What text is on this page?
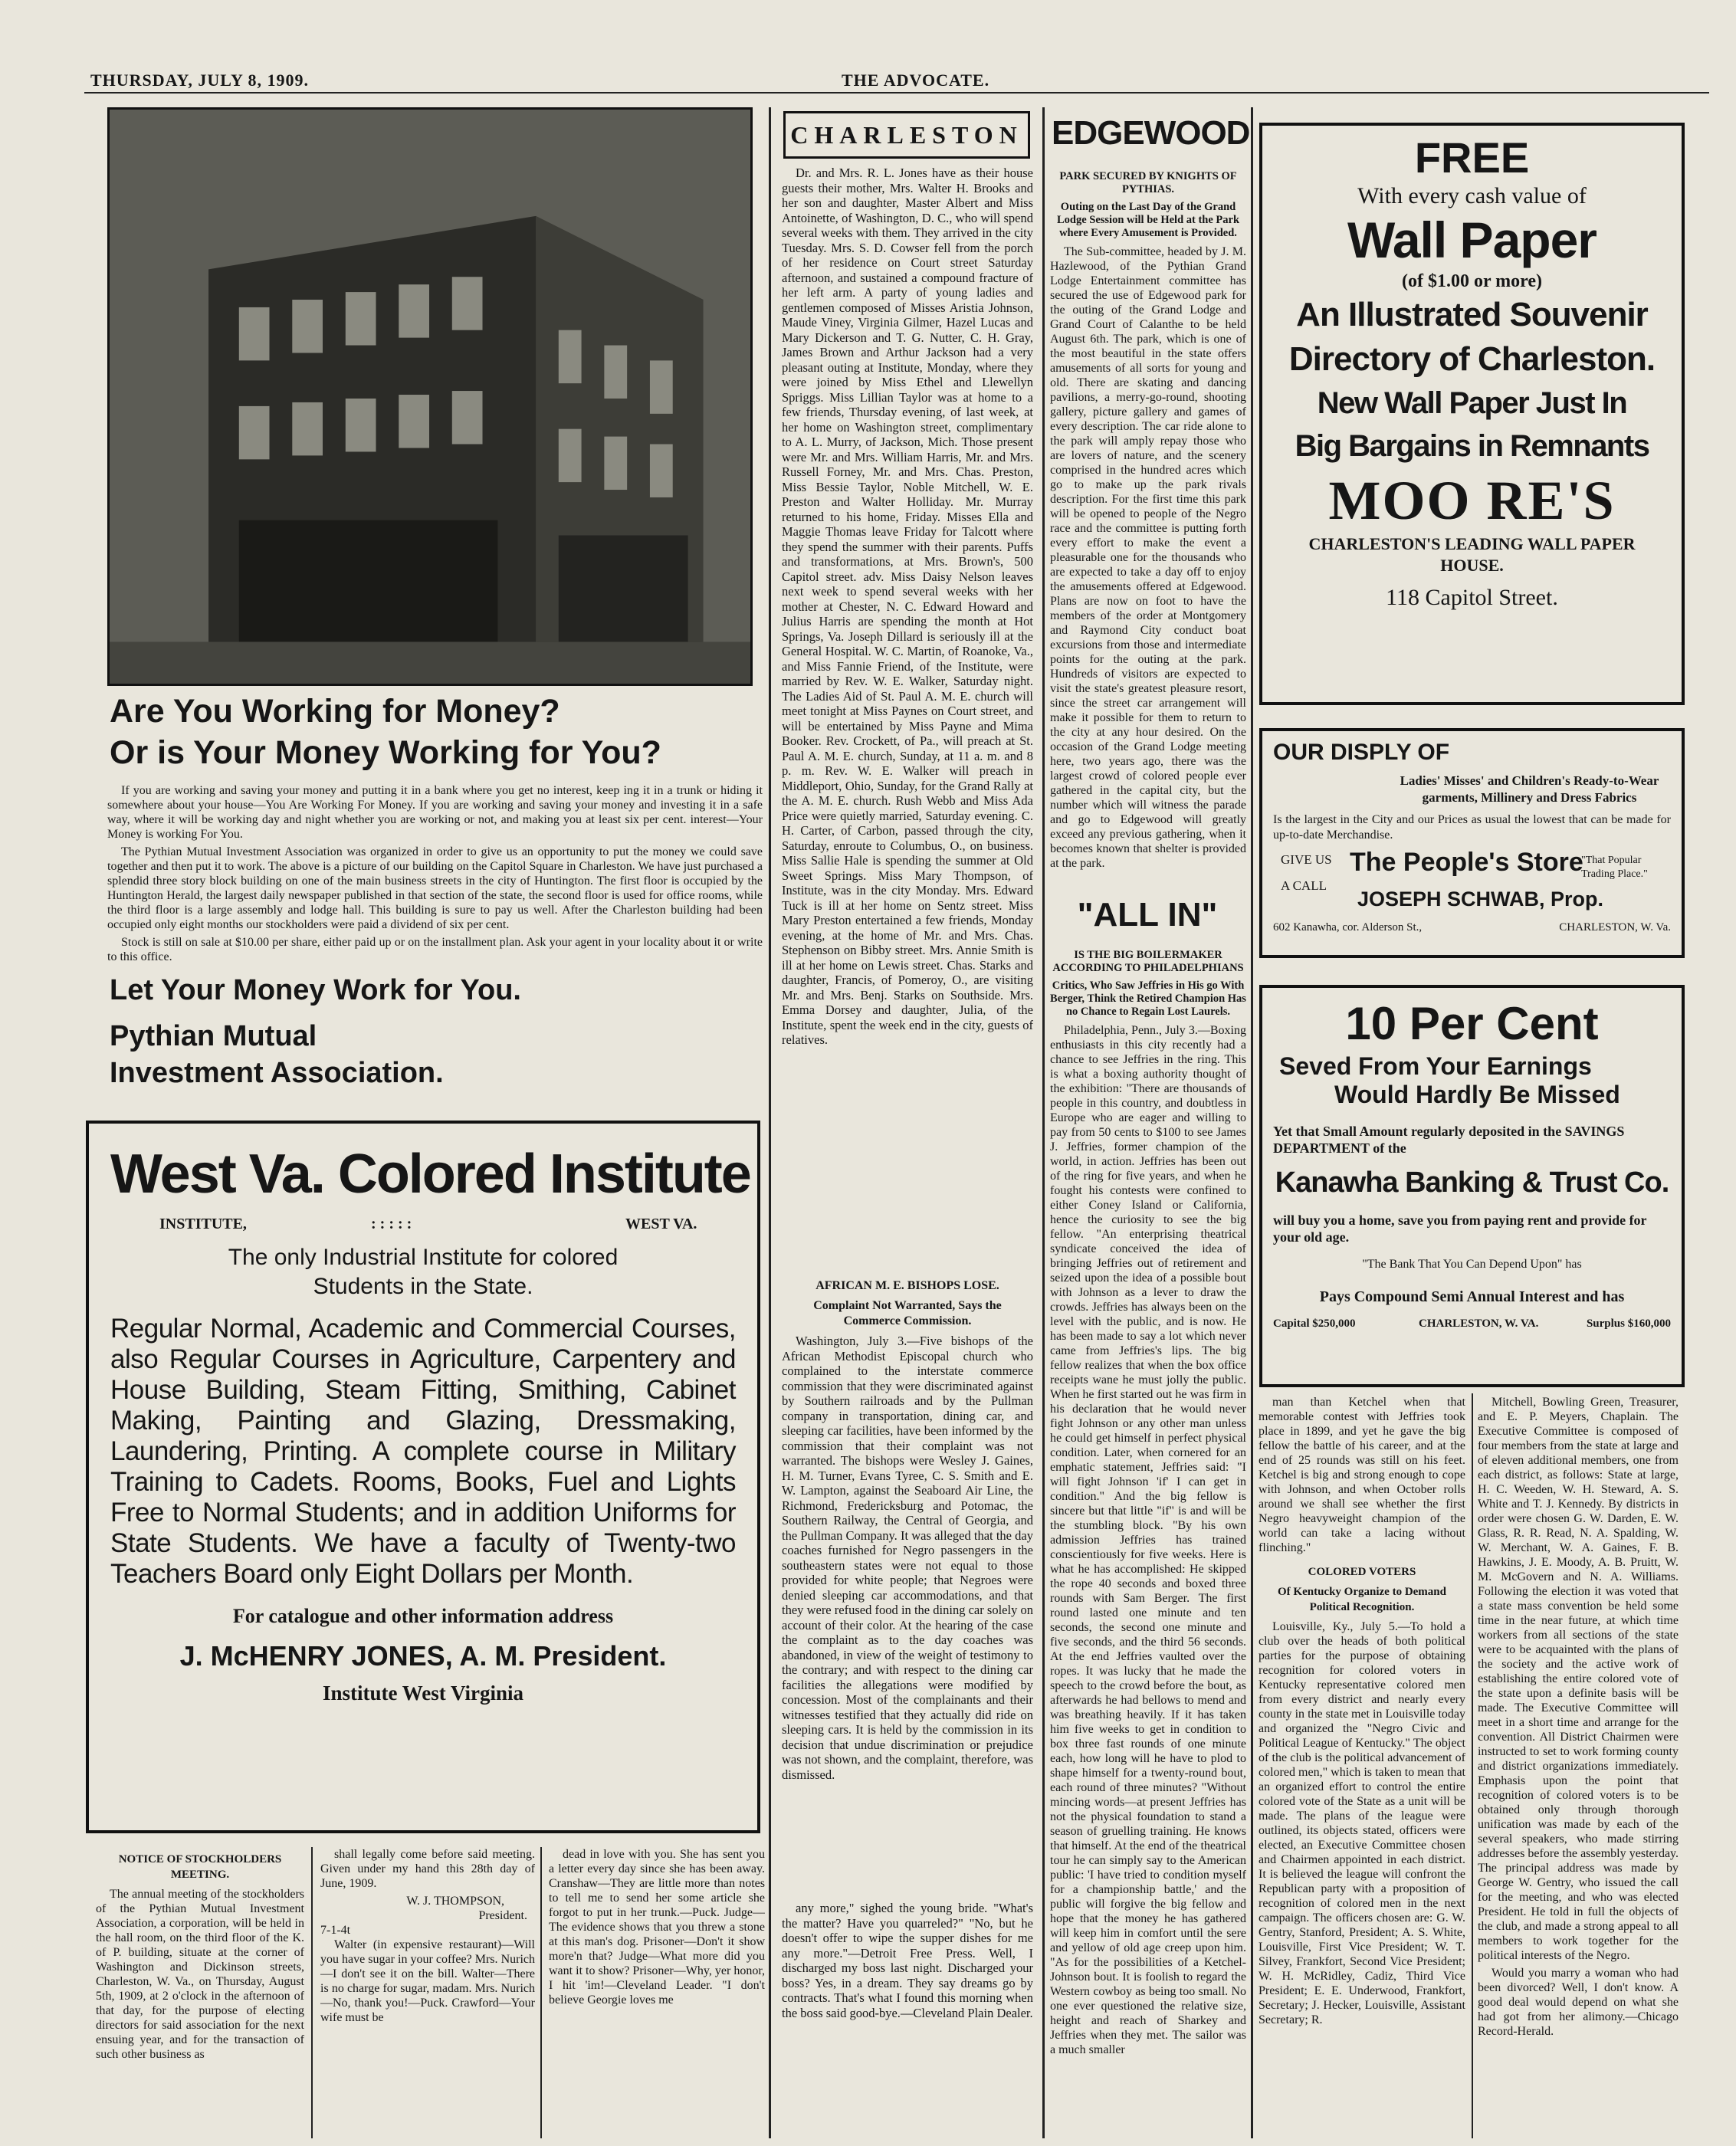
THURSDAY, JULY 8, 1909.	THE ADVOCATE.
Are You Working for Money?
Or is Your Money Working for You?

If you are working and saving your money and putting it in a bank where you get no interest, keep ing it in a trunk or hiding it somewhere about your house—You Are Working For Money. If you are working and saving your money and investing it in a safe way, where it will be working day and night whether you are working or not, and making you at least six per cent. interest—Your Money is working For You.

The Pythian Mutual Investment Association was organized in order to give us an opportunity to put the money we could save together and then put it to work. The above is a picture of our building on the Capitol Square in Charleston. We have just purchased a splendid three story block building on one of the main business streets in the city of Huntington. The first floor is occupied by the Huntington Herald, the largest daily newspaper published in that section of the state, the second floor is used for office rooms, while the third floor is a large assembly and lodge hall. This building is sure to pay us well. After the Charleston building had been occupied only eight months our stockholders were paid a dividend of six per cent.

Stock is still on sale at $10.00 per share, either paid up or on the installment plan. Ask your agent in your locality about it or write to this office.

Let Your Money Work for You.
Pythian Mutual
Investment Association.
West Va. Colored Institute
INSTITUTE,	: : : : :	WEST VA.
The only Industrial Institute for colored Students in the State.
Regular Normal, Academic and Commercial Courses, also Regular Courses in Agriculture, Carpentery and House Building, Steam Fitting, Smithing, Cabinet Making, Painting and Glazing, Dressmaking, Laundering, Printing. A complete course in Military Training to Cadets. Rooms, Books, Fuel and Lights Free to Normal Students; and in addition Uniforms for State Students. We have a faculty of Twenty-two Teachers Board only Eight Dollars per Month.
For catalogue and other information address
J. McHENRY JONES, A. M. President.
Institute West Virginia
NOTICE OF STOCKHOLDERS MEETING.

The annual meeting of the stockholders of the Pythian Mutual Investment Association, a corporation, will be held in the hall room, on the third floor of the K. of P. building, situate at the corner of Washington and Dickinson streets, Charleston, W. Va., on Thursday, August 5th, 1909, at 2 o'clock in the afternoon of that day, for the purpose of electing directors for said association for the next ensuing year, and for the transaction of such other business as

shall legally come before said meeting. Given under my hand this 28th day of June, 1909.

W. J. THOMPSON,
President.
7-1-4t

Walter (in expensive restaurant)—Will you have sugar in your coffee? Mrs. Nurich—I don't see it on the bill. Walter—There is no charge for sugar, madam. Mrs. Nurich—No, thank you!—Puck. Crawford—Your wife must be

dead in love with you. She has sent you a letter every day since she has been away. Cranshaw—They are little more than notes to tell me to send her some article she forgot to put in her trunk.—Puck. Judge—The evidence shows that you threw a stone at this man's dog. Prisoner—Don't it show more'n that? Judge—What more did you want it to show? Prisoner—Why, yer honor, I hit 'im!—Cleveland Leader. "I don't believe Georgie loves me

CHARLESTON

Dr. and Mrs. R. L. Jones have as their house guests their mother, Mrs. Walter H. Brooks and her son and daughter, Master Albert and Miss Antoinette, of Washington, D. C., who will spend several weeks with them. They arrived in the city Tuesday. Mrs. S. D. Cowser fell from the porch of her residence on Court street Saturday afternoon, and sustained a compound fracture of her left arm. A party of young ladies and gentlemen composed of Misses Aristia Johnson, Maude Viney, Virginia Gilmer, Hazel Lucas and Mary Dickerson and T. G. Nutter, C. H. Gray, James Brown and Arthur Jackson had a very pleasant outing at Institute, Monday, where they were joined by Miss Ethel and Llewellyn Spriggs. Miss Lillian Taylor was at home to a few friends, Thursday evening, of last week, at her home on Washington street, complimentary to A. L. Murry, of Jackson, Mich. Those present were Mr. and Mrs. William Harris, Mr. and Mrs. Russell Forney, Mr. and Mrs. Chas. Preston, Miss Bessie Taylor, Noble Mitchell, W. E. Preston and Walter Holliday. Mr. Murray returned to his home, Friday. Misses Ella and Maggie Thomas leave Friday for Talcott where they spend the summer with their parents. Puffs and transformations, at Mrs. Brown's, 500 Capitol street. adv. Miss Daisy Nelson leaves next week to spend several weeks with her mother at Chester, N. C. Edward Howard and Julius Harris are spending the month at Hot Springs, Va. Joseph Dillard is seriously ill at the General Hospital. W. C. Martin, of Roanoke, Va., and Miss Fannie Friend, of the Institute, were married by Rev. W. E. Walker, Saturday night. The Ladies Aid of St. Paul A. M. E. church will meet tonight at Miss Paynes on Court street, and will be entertained by Miss Payne and Mima Booker. Rev. Crockett, of Pa., will preach at St. Paul A. M. E. church, Sunday, at 11 a. m. and 8 p. m. Rev. W. E. Walker will preach in Middleport, Ohio, Sunday, for the Grand Rally at the A. M. E. church. Rush Webb and Miss Ada Price were quietly married, Saturday evening. C. H. Carter, of Carbon, passed through the city, Saturday, enroute to Columbus, O., on business. Miss Sallie Hale is spending the summer at Old Sweet Springs. Miss Mary Thompson, of Institute, was in the city Monday. Mrs. Edward Tuck is ill at her home on Sentz street. Miss Mary Preston entertained a few friends, Monday evening, at the home of Mr. and Mrs. Chas. Stephenson on Bibby street. Mrs. Annie Smith is ill at her home on Lewis street. Chas. Starks and daughter, Francis, of Pomeroy, O., are visiting Mr. and Mrs. Benj. Starks on Southside. Mrs. Emma Dorsey and daughter, Julia, of the Institute, spent the week end in the city, guests of relatives.

AFRICAN M. E. BISHOPS LOSE.
Complaint Not Warranted, Says the Commerce Commission.

Washington, July 3.—Five bishops of the African Methodist Episcopal church who complained to the interstate commerce commission that they were discriminated against by Southern railroads and by the Pullman company in transportation, dining car, and sleeping car facilities, have been informed by the commission that their complaint was not warranted. The bishops were Wesley J. Gaines, H. M. Turner, Evans Tyree, C. S. Smith and E. W. Lampton, against the Seaboard Air Line, the Richmond, Fredericksburg and Potomac, the Southern Railway, the Central of Georgia, and the Pullman Company. It was alleged that the day coaches furnished for Negro passengers in the southeastern states were not equal to those provided for white people; that Negroes were denied sleeping car accommodations, and that they were refused food in the dining car solely on account of their color. At the hearing of the case the complaint as to the day coaches was abandoned, in view of the weight of testimony to the contrary; and with respect to the dining car facilities the allegations were modified by concession. Most of the complainants and their witnesses testified that they actually did ride on sleeping cars. It is held by the commission in its decision that undue discrimination or prejudice was not shown, and the complaint, therefore, was dismissed.

any more," sighed the young bride. "What's the matter? Have you quarreled?" "No, but he doesn't offer to wipe the supper dishes for me any more."—Detroit Free Press. Well, I discharged my boss last night. Discharged your boss? Yes, in a dream. They say dreams go by contracts. That's what I found this morning when the boss said good-bye.—Cleveland Plain Dealer.

EDGEWOOD
PARK SECURED BY KNIGHTS OF PYTHIAS.
Outing on the Last Day of the Grand Lodge Session will be Held at the Park where Every Amusement is Provided.

The Sub-committee, headed by J. M. Hazlewood, of the Pythian Grand Lodge Entertainment committee has secured the use of Edgewood park for the outing of the Grand Lodge and Grand Court of Calanthe to be held August 6th. The park, which is one of the most beautiful in the state offers amusements of all sorts for young and old. There are skating and dancing pavilions, a merry-go-round, shooting gallery, picture gallery and games of every description. The car ride alone to the park will amply repay those who are lovers of nature, and the scenery comprised in the hundred acres which go to make up the park rivals description. For the first time this park will be opened to people of the Negro race and the committee is putting forth every effort to make the event a pleasurable one for the thousands who are expected to take a day off to enjoy the amusements offered at Edgewood. Plans are now on foot to have the members of the order at Montgomery and Raymond City conduct boat excursions from those and intermediate points for the outing at the park. Hundreds of visitors are expected to visit the state's greatest pleasure resort, since the street car arrangement will make it possible for them to return to the city at any hour desired. On the occasion of the Grand Lodge meeting here, two years ago, there was the largest crowd of colored people ever gathered in the capital city, but the number which will witness the parade and go to Edgewood will greatly exceed any previous gathering, when it becomes known that shelter is provided at the park.

"ALL IN"
IS THE BIG BOILERMAKER ACCORDING TO PHILADELPHIANS
Critics, Who Saw Jeffries in His go With Berger, Think the Retired Champion Has no Chance to Regain Lost Laurels.

Philadelphia, Penn., July 3.—Boxing enthusiasts in this city recently had a chance to see Jeffries in the ring. This is what a boxing authority thought of the exhibition: "There are thousands of people in this country, and doubtless in Europe who are eager and willing to pay from 50 cents to $100 to see James J. Jeffries, former champion of the world, in action. Jeffries has been out of the ring for five years, and when he fought his contests were confined to either Coney Island or California, hence the curiosity to see the big fellow. "An enterprising theatrical syndicate conceived the idea of bringing Jeffries out of retirement and seized upon the idea of a possible bout with Johnson as a lever to draw the crowds. Jeffries has always been on the level with the public, and is now. He has been made to say a lot which never came from Jeffries's lips. The big fellow realizes that when the box office receipts wane he must jolly the public. When he first started out he was firm in his declaration that he would never fight Johnson or any other man unless he could get himself in perfect physical condition. Later, when cornered for an emphatic statement, Jeffries said: "I will fight Johnson 'if' I can get in condition." And the big fellow is sincere but that little "if" is and will be the stumbling block. "By his own admission Jeffries has trained conscientiously for five weeks. Here is what he has accomplished: He skipped the rope 40 seconds and boxed three rounds with Sam Berger. The first round lasted one minute and ten seconds, the second one minute and five seconds, and the third 56 seconds. At the end Jeffries vaulted over the ropes. It was lucky that he made the speech to the crowd before the bout, as afterwards he had bellows to mend and was breathing heavily. If it has taken him five weeks to get in condition to box three fast rounds of one minute each, how long will he have to plod to shape himself for a twenty-round bout, each round of three minutes? "Without mincing words—at present Jeffries has not the physical foundation to stand a season of gruelling training. He knows that himself. At the end of the theatrical tour he can simply say to the American public: 'I have tried to condition myself for a championship battle,' and the public will forgive the big fellow and hope that the money he has gathered will keep him in comfort until the sere and yellow of old age creep upon him. "As for the possibilities of a Ketchel-Johnson bout. It is foolish to regard the Western cowboy as being too small. No one ever questioned the relative size, height and reach of Sharkey and Jeffries when they met. The sailor was a much smaller

FREE
With every cash value of
Wall Paper
(of $1.00 or more)
An Illustrated Souvenir
Directory of Charleston.
New Wall Paper Just In
Big Bargains in Remnants
MOO RE'S
CHARLESTON'S LEADING WALL PAPER HOUSE.
118 Capitol Street.
OUR DISPLY OF
Ladies' Misses' and Children's Ready-to-Wear garments, Millinery and Dress Fabrics
Is the largest in the City and our Prices as usual the lowest that can be made for up-to-date Merchandise.
GIVE US
A CALL
The People's Store
"That Popular Trading Place."
JOSEPH SCHWAB, Prop.
602 Kanawha, cor. Alderson St.,	CHARLESTON, W. Va.
10 Per Cent
Seved From Your Earnings
Would Hardly Be Missed
Yet that Small Amount regularly deposited in the SAVINGS DEPARTMENT of the
Kanawha Banking & Trust Co.
will buy you a home, save you from paying rent and provide for your old age.
"The Bank That You Can Depend Upon" has
Pays Compound Semi Annual Interest and has
Capital $250,000	CHARLESTON, W. VA.	Surplus $160,000

man than Ketchel when that memorable contest with Jeffries took place in 1899, and yet he gave the big fellow the battle of his career, and at the end of 25 rounds was still on his feet. Ketchel is big and strong enough to cope with Johnson, and when October rolls around we shall see whether the first Negro heavyweight champion of the world can take a lacing without flinching."

COLORED VOTERS
Of Kentucky Organize to Demand Political Recognition.

Louisville, Ky., July 5.—To hold a club over the heads of both political parties for the purpose of obtaining recognition for colored voters in Kentucky representative colored men from every district and nearly every county in the state met in Louisville today and organized the "Negro Civic and Political League of Kentucky." The object of the club is the political advancement of colored men," which is taken to mean that an organized effort to control the entire colored vote of the State as a unit will be made. The plans of the league were outlined, its objects stated, officers were elected, an Executive Committee chosen and Chairmen appointed in each district. It is believed the league will confront the Republican party with a proposition of recognition of colored men in the next campaign. The officers chosen are: G. W. Gentry, Stanford, President; A. S. White, Louisville, First Vice President; W. T. Silvey, Frankfort, Second Vice President; W. H. McRidley, Cadiz, Third Vice President; E. E. Underwood, Frankfort, Secretary; J. Hecker, Louisville, Assistant Secretary; R.

Mitchell, Bowling Green, Treasurer, and E. P. Meyers, Chaplain. The Executive Committee is composed of four members from the state at large and of eleven additional members, one from each district, as follows: State at large, H. C. Weeden, W. H. Steward, A. S. White and T. J. Kennedy. By districts in order were chosen G. W. Darden, E. W. Glass, R. R. Read, N. A. Spalding, W. W. Merchant, W. A. Gaines, F. B. Hawkins, J. E. Moody, A. B. Pruitt, W. M. McGovern and N. A. Williams. Following the election it was voted that a state mass convention be held some time in the near future, at which time workers from all sections of the state were to be acquainted with the plans of the society and the active work of establishing the entire colored vote of the state upon a definite basis will be made. The Executive Committee will meet in a short time and arrange for the convention. All District Chairmen were instructed to set to work forming county and district organizations immediately. Emphasis upon the point that recognition of colored voters is to be obtained only through thorough unification was made by each of the several speakers, who made stirring addresses before the assembly yesterday. The principal address was made by George W. Gentry, who issued the call for the meeting, and who was elected President. He told in full the objects of the club, and made a strong appeal to all members to work together for the political interests of the Negro.

Would you marry a woman who had been divorced? Well, I don't know. A good deal would depend on what she had got from her alimony.—Chicago Record-Herald.
